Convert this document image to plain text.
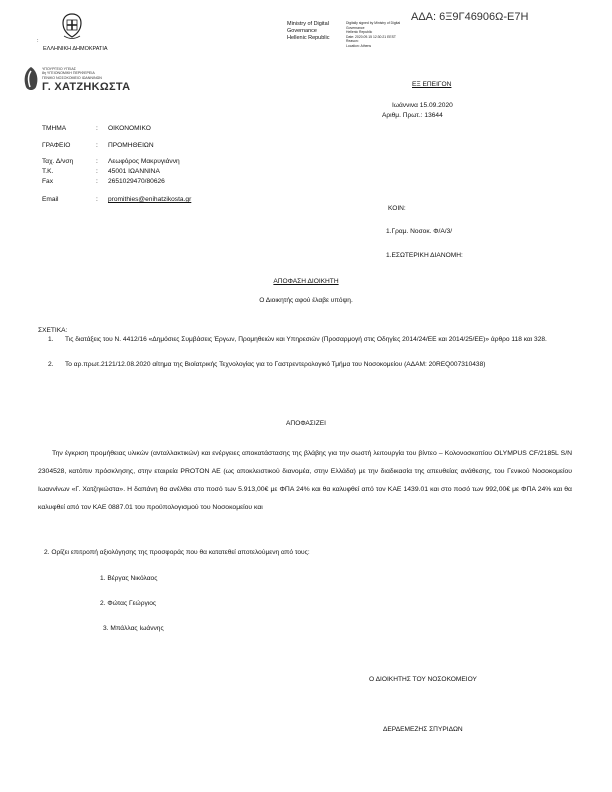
ΑΔΑ: 6Ξ9Γ46906Ω-Ε7Η
Ministry of Digital
Governance
Hellenic Republic
Digitally signed by Ministry of Digital Governance
Hellenic Republic
Date: 2020.09.15 12:30:21 EEST
Reason:
Location: Athens
:
ΕΛΛΗΝΙΚΗ ΔΗΜΟΚΡΑΤΙΑ
ΥΠΟΥΡΓΕΙΟ ΥΓΕΙΑΣ
8η ΥΓΕΙΟΝΟΜΙΚΗ ΠΕΡΙΦΕΡΕΙΑ
ΓΕΝΙΚΟ ΝΟΣΟΚΟΜΕΙΟ ΙΩΑΝΝΙΝΩΝ
Γ. ΧΑΤΖΗΚΩΣΤΑ	ΕΞ ΕΠΕΙΓΟΝ
Ιωάννινα 15.09.2020
Αριθμ. Πρωτ.: 13644
ΤΜΗΜΑ	:	ΟΙΚΟΝΟΜΙΚΟ
ΓΡΑΦΕΙΟ	:	ΠΡΟΜΗΘΕΙΩΝ
Ταχ. Δ/νση	:	Λεωφόρος Μακρυγιάννη
Τ.Κ.	:	45001 ΙΩΑΝΝΙΝΑ
Fax	:	2651029470/80626
Email	:	promithies@enihatzikosta.gr
ΚΟΙΝ:
1.Γραμ. Νοσοκ. Φ/Α/3/
1.ΕΣΩΤΕΡΙΚΗ ΔΙΑΝΟΜΗ:
ΑΠΟΦΑΣΗ ΔΙΟΙΚΗΤΗ
Ο Διοικητής αφού έλαβε υπόψη.
ΣΧΕΤΙΚΑ:
1. Τις διατάξεις του Ν. 4412/16 «Δημόσιες Συμβάσεις Έργων, Προμηθειών και Υπηρεσιών (Προσαρμογή στις Οδηγίες 2014/24/ΕΕ και 2014/25/ΕΕ)» άρθρο 118 και 328.
2. Το αρ.πρωτ.2121/12.08.2020 αίτημα της Βιοϊατρικής Τεχνολογίας για το Γαστρεντερολογικό Τμήμα του Νοσοκομείου (ΑΔΑΜ: 20REQ007310438)
ΑΠΟΦΑΣΙΖΕΙ
Την έγκριση προμήθειας υλικών (ανταλλακτικών) και ενέργειες αποκατάστασης της βλάβης για την σωστή λειτουργία του βίντεο – Κολονοσκοπίου OLYMPUS CF/2185L S/N 2304528, κατόπιν πρόσκλησης, στην εταιρεία PROTON AE (ως αποκλειστικού διανομέα, στην Ελλάδα) με την διαδικασία της απευθείας ανάθεσης, του Γενικού Νοσοκομείου Ιωαννίνων «Γ. Χατζηκώστα». Η δαπάνη θα ανέλθει στο ποσό των 5.913,00€ με ΦΠΑ 24% και θα καλυφθεί από τον ΚΑΕ 1439.01 και στο ποσό των 992,00€ με ΦΠΑ 24% και θα καλυφθεί από τον ΚΑΕ 0887.01 του προϋπολογισμού του Νοσοκομείου και
2. Ορίζει επιτροπή αξιολόγησης της προσφοράς που θα κατατεθεί αποτελούμενη από τους:
1. Βέργας Νικόλαος
2. Φώτας Γεώργιος
3. Μπάλλας Ιωάννης
Ο ΔΙΟΙΚΗΤΗΣ ΤΟΥ ΝΟΣΟΚΟΜΕΙΟΥ
ΔΕΡΔΕΜΕΖΗΣ ΣΠΥΡΙΔΩΝ
